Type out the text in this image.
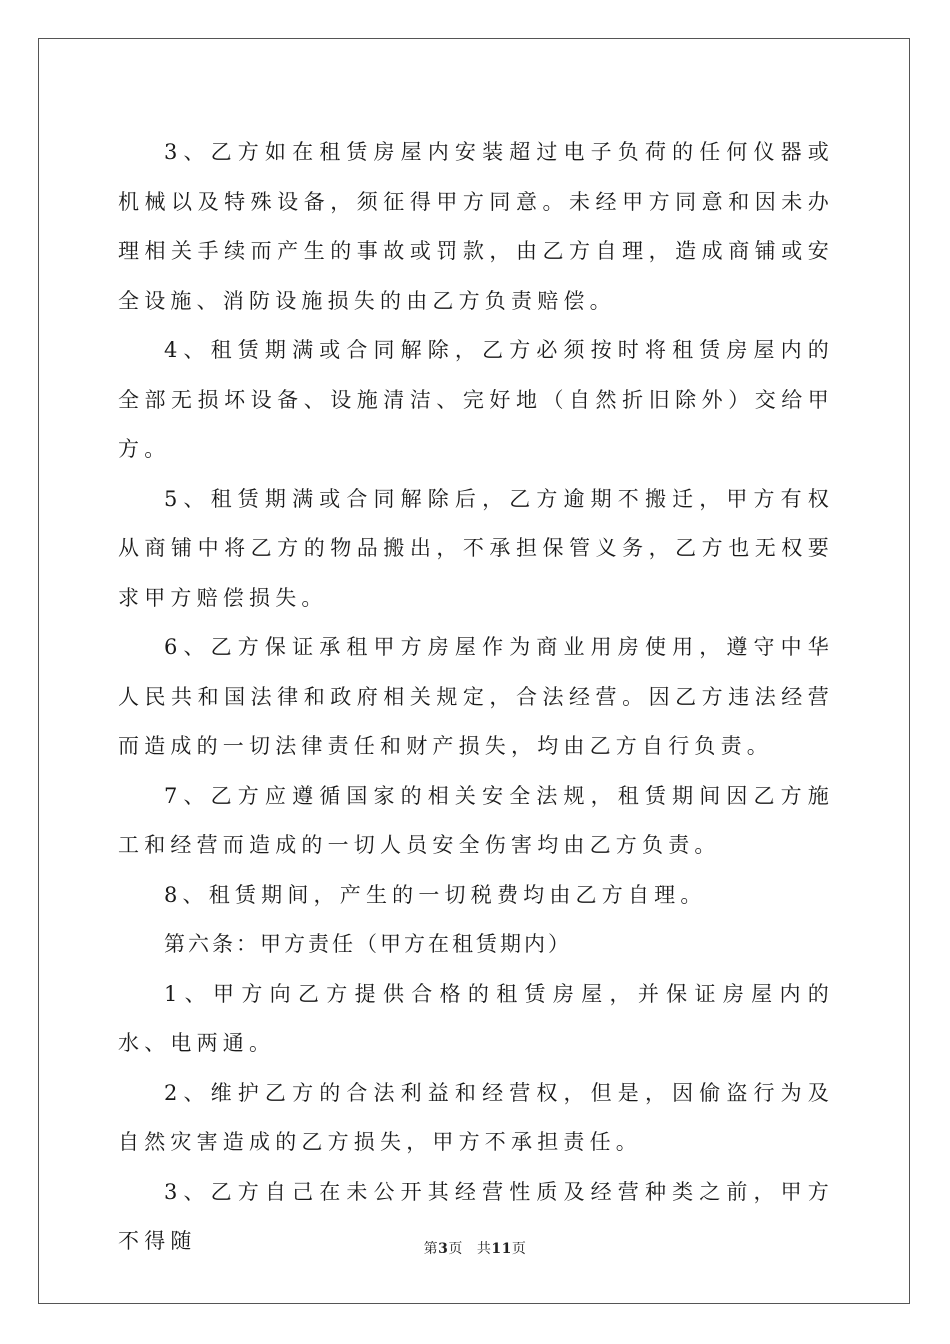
3、乙方如在租赁房屋内安装超过电子负荷的任何仪器或机械以及特殊设备，须征得甲方同意。未经甲方同意和因未办理相关手续而产生的事故或罚款，由乙方自理，造成商铺或安全设施、消防设施损失的由乙方负责赔偿。

4、租赁期满或合同解除，乙方必须按时将租赁房屋内的全部无损坏设备、设施清洁、完好地（自然折旧除外）交给甲方。

5、租赁期满或合同解除后，乙方逾期不搬迁，甲方有权从商铺中将乙方的物品搬出，不承担保管义务，乙方也无权要求甲方赔偿损失。

6、乙方保证承租甲方房屋作为商业用房使用，遵守中华人民共和国法律和政府相关规定，合法经营。因乙方违法经营而造成的一切法律责任和财产损失，均由乙方自行负责。

7、乙方应遵循国家的相关安全法规，租赁期间因乙方施工和经营而造成的一切人员安全伤害均由乙方负责。

8、租赁期间，产生的一切税费均由乙方自理。

第六条：甲方责任（甲方在租赁期内）

1、甲方向乙方提供合格的租赁房屋，并保证房屋内的水、电两通。

2、维护乙方的合法利益和经营权，但是，因偷盗行为及自然灾害造成的乙方损失，甲方不承担责任。

3、乙方自己在未公开其经营性质及经营种类之前，甲方不得随	第3页 共11页
